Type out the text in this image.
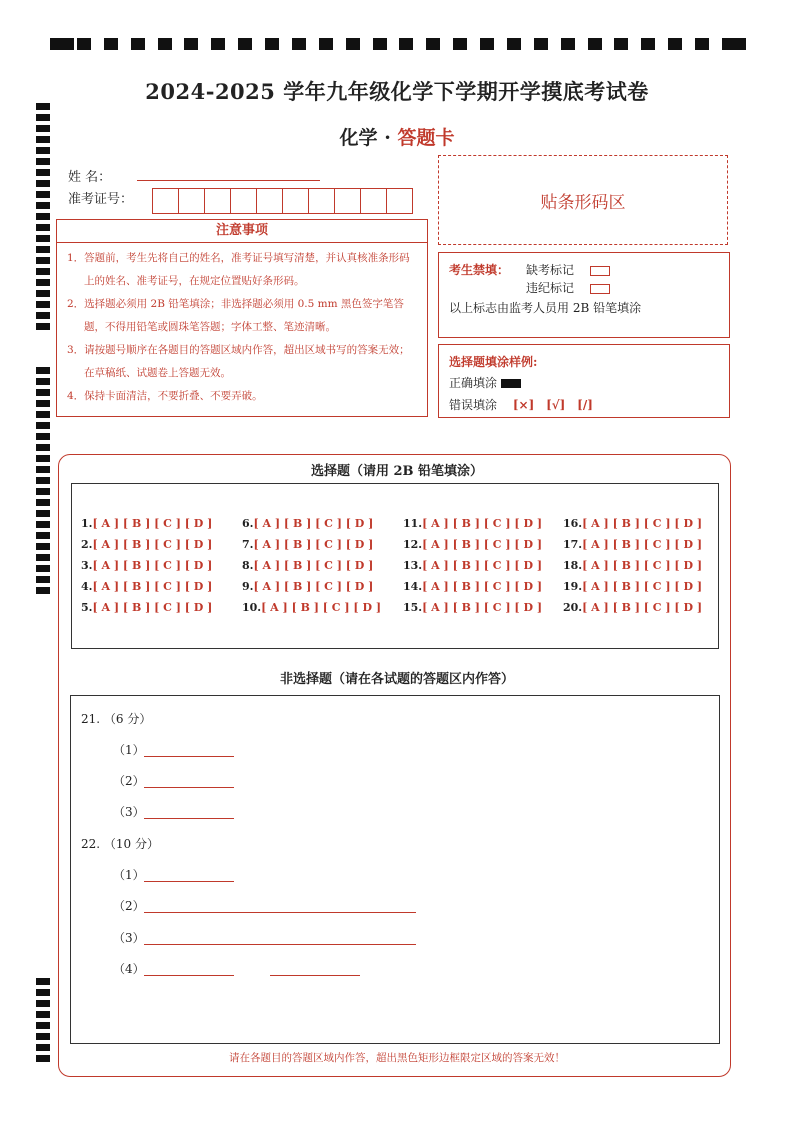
2024-2025 学年九年级化学下学期开学摸底考试卷
化学 · 答题卡
姓 名：
准考证号：	贴条形码区
注意事项
1．答题前，考生先将自己的姓名，准考证号填写清楚，并认真核准条形码上的姓名、准考证号，在规定位置贴好条形码。
2．选择题必须用 2B 铅笔填涂；非选择题必须用 0.5 mm 黑色签字笔答题，不得用铅笔或圆珠笔答题；字体工整、笔迹清晰。
3．请按题号顺序在各题目的答题区域内作答，超出区域书写的答案无效；在草稿纸、试题卷上答题无效。
4．保持卡面清洁，不要折叠、不要弄破。
考生禁填： 缺考标记
违纪标记
以上标志由监考人员用 2B 铅笔填涂
选择题填涂样例:
正确填涂
错误填涂 [×] [√] [/]
选择题（请用 2B 铅笔填涂）
1.[ A ] [ B ] [ C ] [ D ]
2.[ A ] [ B ] [ C ] [ D ]
3.[ A ] [ B ] [ C ] [ D ]
4.[ A ] [ B ] [ C ] [ D ]
5.[ A ] [ B ] [ C ] [ D ]
6.[ A ] [ B ] [ C ] [ D ]
7.[ A ] [ B ] [ C ] [ D ]
8.[ A ] [ B ] [ C ] [ D ]
9.[ A ] [ B ] [ C ] [ D ]
10.[ A ] [ B ] [ C ] [ D ]
11.[ A ] [ B ] [ C ] [ D ]
12.[ A ] [ B ] [ C ] [ D ]
13.[ A ] [ B ] [ C ] [ D ]
14.[ A ] [ B ] [ C ] [ D ]
15.[ A ] [ B ] [ C ] [ D ]
16.[ A ] [ B ] [ C ] [ D ]
17.[ A ] [ B ] [ C ] [ D ]
18.[ A ] [ B ] [ C ] [ D ]
19.[ A ] [ B ] [ C ] [ D ]
20.[ A ] [ B ] [ C ] [ D ]
非选择题（请在各试题的答题区内作答）
21. （6 分）
（1）
（2）
（3）
22. （10 分）
（1）
（2）
（3）
（4）
请在各题目的答题区域内作答，超出黑色矩形边框限定区域的答案无效！
